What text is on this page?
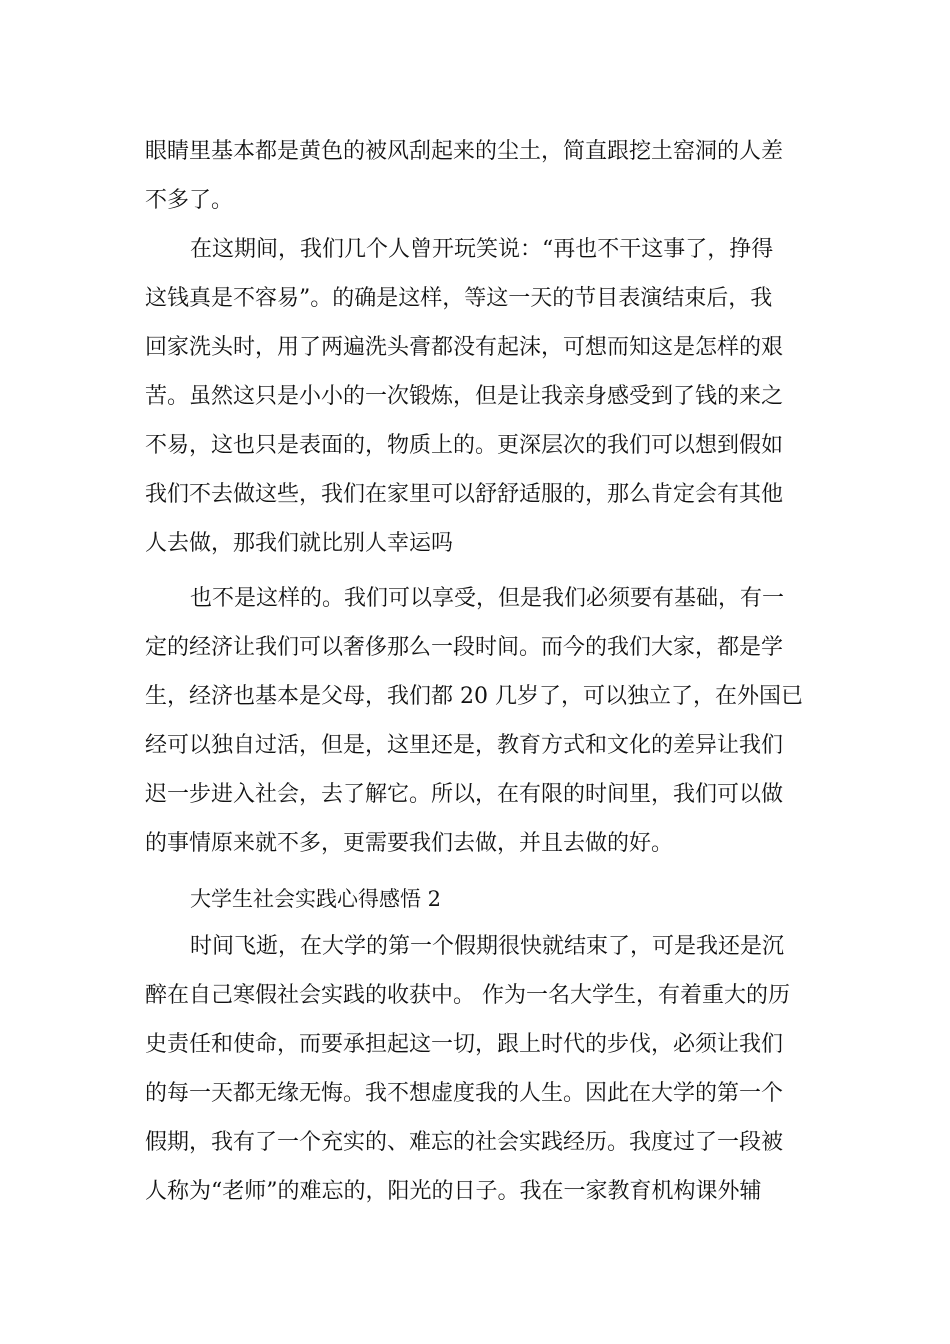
眼睛里基本都是黄色的被风刮起来的尘土，简直跟挖土窑洞的人差
不多了。
在这期间，我们几个人曾开玩笑说：“再也不干这事了，挣得
这钱真是不容易”。的确是这样，等这一天的节目表演结束后，我
回家洗头时，用了两遍洗头膏都没有起沫，可想而知这是怎样的艰
苦。虽然这只是小小的一次锻炼，但是让我亲身感受到了钱的来之
不易，这也只是表面的，物质上的。更深层次的我们可以想到假如
我们不去做这些，我们在家里可以舒舒适服的，那么肯定会有其他
人去做，那我们就比别人幸运吗
也不是这样的。我们可以享受，但是我们必须要有基础，有一
定的经济让我们可以奢侈那么一段时间。而今的我们大家，都是学
生，经济也基本是父母，我们都 20 几岁了，可以独立了，在外国已
经可以独自过活，但是，这里还是，教育方式和文化的差异让我们
迟一步进入社会，去了解它。所以，在有限的时间里，我们可以做
的事情原来就不多，更需要我们去做，并且去做的好。
大学生社会实践心得感悟 2
时间飞逝，在大学的第一个假期很快就结束了，可是我还是沉
醉在自己寒假社会实践的收获中。 作为一名大学生，有着重大的历
史责任和使命，而要承担起这一切，跟上时代的步伐，必须让我们
的每一天都无缘无悔。我不想虚度我的人生。因此在大学的第一个
假期，我有了一个充实的、难忘的社会实践经历。我度过了一段被
人称为“老师”的难忘的，阳光的日子。我在一家教育机构课外辅
